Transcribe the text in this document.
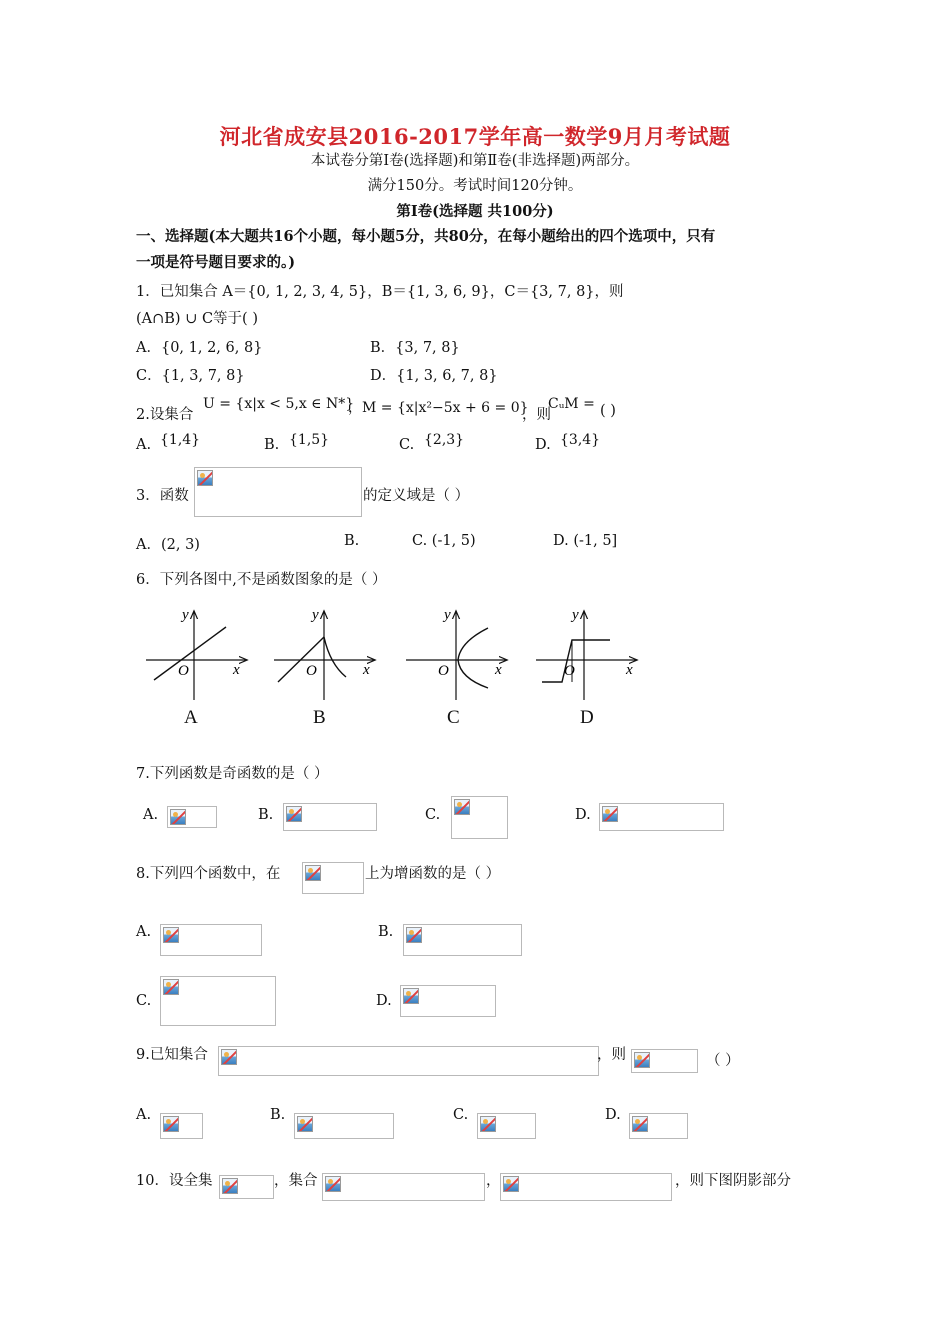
河北省成安县2016-2017学年高一数学9月月考试题
本试卷分第Ⅰ卷(选择题)和第Ⅱ卷(非选择题)两部分。
满分150分。考试时间120分钟。
第Ⅰ卷(选择题 共100分)
一、选择题(本大题共16个小题，每小题5分，共80分，在每小题给出的四个选项中，只有
一项是符号题目要求的。)
1．已知集合 A＝{0, 1, 2, 3, 4, 5}，B＝{1, 3, 6, 9}，C＝{3, 7, 8}，则
(A∩B) ∪ C等于( )
A．{0, 1, 2, 6, 8}	B．{3, 7, 8}
C．{1, 3, 7, 8}	D．{1, 3, 6, 7, 8}
2.设集合
U = {x|x < 5,x ∈ N*}
，M = {x|x²−5x + 6 = 0}
，则
CᵤM = ( )
A. {1,4}	B. {1,5}	C. {2,3}	D. {3,4}
3．函数	的定义域是（ ）
A．(2, 3)	B.	C. (-1, 5)	D. (-1, 5]
6．下列各图中,不是函数图象的是（ ）
y
x
O
y
x
O
y
x
O
y
x
O
A	B	C	D
7.下列函数是奇函数的是（ ）
A.	B.	C.	D.
8.下列四个函数中，在	上为增函数的是（ ）
A.	B.
C.	D.
9.已知集合	，则	（ ）
A.	B.	C.	D.
10．设全集	，集合	，	，则下图阴影部分
